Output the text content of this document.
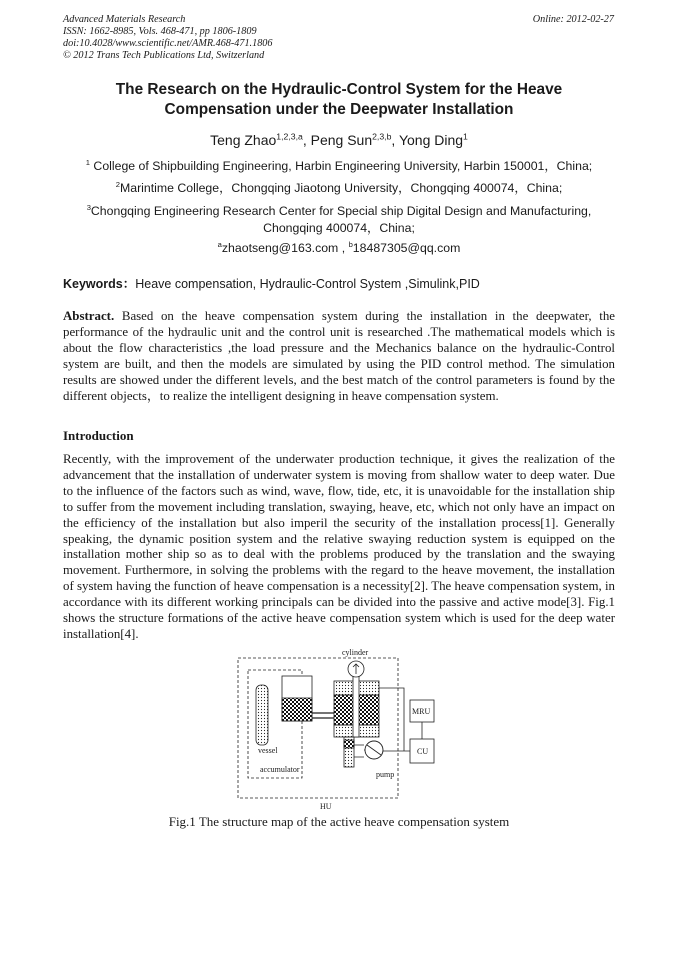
Advanced Materials Research
ISSN: 1662-8985, Vols. 468-471, pp 1806-1809
doi:10.4028/www.scientific.net/AMR.468-471.1806
© 2012 Trans Tech Publications Ltd, Switzerland
Online: 2012-02-27
The Research on the Hydraulic-Control System for the Heave
Compensation under the Deepwater Installation
Teng Zhao$^{1,2,3,a}$, Peng Sun$^{2,3,b}$, Yong Ding$^1$
$^1$ College of Shipbuilding Engineering, Harbin Engineering University, Harbin 150001，China;
$^2$Marintime College，Chongqing Jiaotong University，Chongqing 400074，China;
$^3$Chongqing Engineering Research Center for Special ship Digital Design and Manufacturing, Chongqing 400074，China;
$^a$zhaotseng@163.com , $^b$18487305@qq.com
Keywords：Heave compensation, Hydraulic-Control System ,Simulink,PID
Abstract. Based on the heave compensation system during the installation in the deepwater, the performance of the hydraulic unit and the control unit is researched .The mathematical models which is about the flow characteristics ,the load pressure and the Mechanics balance on the hydraulic-Control system are built, and then the models are simulated by using the PID control method. The simulation results are showed under the different levels, and the best match of the control parameters is found by the different objects，to realize the intelligent designing in heave compensation system.
Introduction
Recently, with the improvement of the underwater production technique, it gives the realization of the advancement that the installation of underwater system is moving from shallow water to deep water. Due to the influence of the factors such as wind, wave, flow, tide, etc, it is unavoidable for the installation ship to suffer from the movement including translation, swaying, heave, etc, which not only have an impact on the efficiency of the installation but also imperil the security of the installation process[1]. Generally speaking, the dynamic position system and the relative swaying reduction system is equipped on the installation mother ship so as to deal with the problems produced by the translation and the swaying movement. Furthermore, in solving the problems with the regard to the heave movement, the installation of system having the function of heave compensation is a necessity[2]. The heave compensation system, in accordance with its different working principals can be divided into the passive and active mode[3]. Fig.1 shows the structure formations of the active heave compensation system which is used for the deep water installation[4].
cylinder
MRU
CU
vessel
accumulator
pump
HU
Fig.1 The structure map of the active heave compensation system
